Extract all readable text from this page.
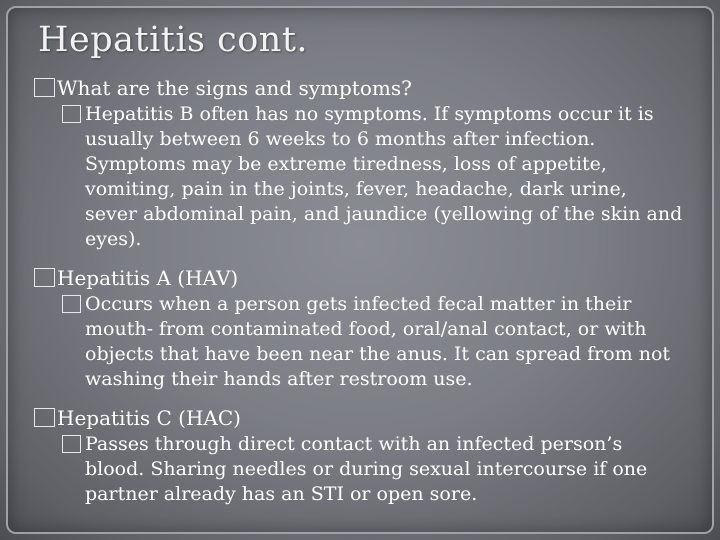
Hepatitis cont.
What are the signs and symptoms?
Hepatitis B often has no symptoms. If symptoms occur it is usually between 6 weeks to 6 months after infection. Symptoms may be extreme tiredness, loss of appetite, vomiting, pain in the joints, fever, headache, dark urine, sever abdominal pain, and jaundice (yellowing of the skin and eyes).
Hepatitis A (HAV)
Occurs when a person gets infected fecal matter in their mouth- from contaminated food, oral/anal contact, or with objects that have been near the anus. It can spread from not washing their hands after restroom use.
Hepatitis C (HAC)
Passes through direct contact with an infected person’s blood. Sharing needles or during sexual intercourse if one partner already has an STI or open sore.
